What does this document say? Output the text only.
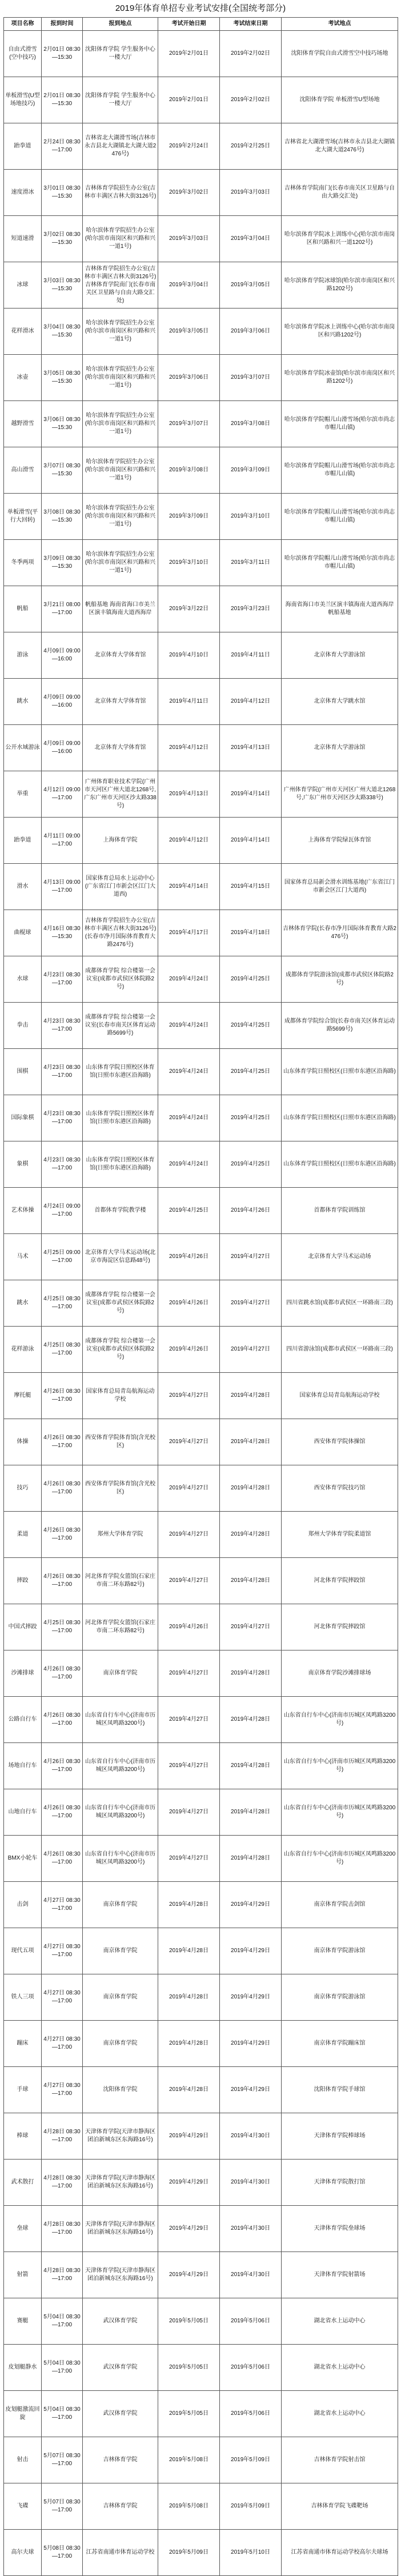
2019年体育单招专业考试安排(全国统考部分)
项目名称	报到时间	报到地点	考试开始日期	考试结束日期	考试地点
自由式滑雪(空中技巧)	2月01日 08:30—15:30	沈阳体育学院 学生服务中心一楼大厅	2019年2月01日	2019年2月02日	沈阳体育学院自由式滑雪空中技巧场地
单板滑雪(U型场地技巧)	2月01日 08:30—15:30	沈阳体育学院 学生服务中心一楼大厅	2019年2月01日	2019年2月02日	沈阳体育学院 单板滑雪U型场地
跆拳道	2月24日 08:30—17:00	吉林省北大湖滑雪场(吉林市永吉县北大湖镇北大湖大道2476号)	2019年2月24日	2019年2月25日	吉林省北大湖滑雪场(吉林市永吉县北大湖镇北大湖大道2476号)
速度滑冰	3月01日 08:30—15:30	吉林体育学院招生办公室(吉林市丰满区吉林大街3126号)	2019年3月02日	2019年3月03日	吉林体育学院南门(长春市南关区卫星路与自由大路交汇处)
短道速滑	3月02日 08:30—15:30	哈尔滨体育学院招生办公室(哈尔滨市南岗区和兴路和兴一道1号)	2019年3月03日	2019年3月04日	哈尔滨体育学院冰上训练中心(哈尔滨市南岗区和兴路和兴一道1202号)
冰球	3月03日 08:30—15:30	吉林体育学院招生办公室(吉林市丰满区吉林大街3126号) 吉林体育学院南门(长春市南关区卫星路与自由大路交汇处)	2019年3月04日	2019年3月05日	哈尔滨体育学院冰球馆(哈尔滨市南岗区和兴路1202号)
花样滑冰	3月04日 08:30—15:30	哈尔滨体育学院招生办公室(哈尔滨市南岗区和兴路和兴一道1号)	2019年3月05日	2019年3月06日	哈尔滨体育学院冰上训练中心(哈尔滨市南岗区和兴路1202号)
冰壶	3月05日 08:30—15:30	哈尔滨体育学院招生办公室(哈尔滨市南岗区和兴路和兴一道1号)	2019年3月06日	2019年3月07日	哈尔滨体育学院冰壶馆(哈尔滨市南岗区和兴路1202号)
越野滑雪	3月06日 08:30—15:30	哈尔滨体育学院招生办公室(哈尔滨市南岗区和兴路和兴一道1号)	2019年3月07日	2019年3月08日	哈尔滨体育学院帽儿山滑雪场(哈尔滨市尚志市帽儿山镇)
高山滑雪	3月07日 08:30—15:30	哈尔滨体育学院招生办公室(哈尔滨市南岗区和兴路和兴一道1号)	2019年3月08日	2019年3月09日	哈尔滨体育学院帽儿山滑雪场(哈尔滨市尚志市帽儿山镇)
单板滑雪(平行大回转)	3月08日 08:30—15:30	哈尔滨体育学院招生办公室(哈尔滨市南岗区和兴路和兴一道1号)	2019年3月09日	2019年3月10日	哈尔滨体育学院帽儿山滑雪场(哈尔滨市尚志市帽儿山镇)
冬季两项	3月09日 08:30—15:30	哈尔滨体育学院招生办公室(哈尔滨市南岗区和兴路和兴一道1号)	2019年3月10日	2019年3月11日	哈尔滨体育学院帽儿山滑雪场(哈尔滨市尚志市帽儿山镇)
帆船	3月21日 08:00—17:00	帆船基地 海南省海口市美兰区演丰镇海南大道西海岸	2019年3月22日	2019年3月23日	海南省海口市美兰区演丰镇海南大道西海岸帆船基地
游泳	4月09日 09:00—16:00	北京体育大学体育馆	2019年4月10日	2019年4月11日	北京体育大学游泳馆
跳水	4月09日 09:00—16:00	北京体育大学体育馆	2019年4月11日	2019年4月12日	北京体育大学跳水馆
公开水域游泳	4月09日 09:00—16:00	北京体育大学体育馆	2019年4月12日	2019年4月13日	北京体育大学游泳馆
举重	4月12日 09:00—17:00	广州体育职业技术学院(广州市天河区广州大道北1268号,广东广州市天河区沙太路338号)	2019年4月13日	2019年4月14日	广州体育学院(广州市天河区广州大道北1268号,广东广州市天河区沙太路338号)
跆拳道	4月11日 09:00—17:00	上海体育学院	2019年4月12日	2019年4月14日	上海体育学院绿瓦体育馆
滑水	4月13日 09:00—17:00	国家体育总局水上运动中心(广东省江门市新会区江门大道西)	2019年4月14日	2019年4月15日	国家体育总局新会滑水训练基地(广东省江门市新会区江门大道西)
曲棍球	4月16日 08:30—15:30	吉林体育学院招生办公室(吉林市丰满区吉林大街3126号)(长春市净月国际体育教育大路2476号)	2019年4月17日	2019年4月18日	吉林体育学院(长春市净月国际体育教育大路2476号)
水球	4月23日 08:30—17:00	成都体育学院 综合楼第一会议室(成都市武侯区体院路2号)	2019年4月24日	2019年4月25日	成都体育学院游泳馆(成都市武侯区体院路2号)
拳击	4月23日 08:30—17:00	成都体育学院 综合楼第一会议室(长春市南关区体育运动路5699号)	2019年4月24日	2019年4月25日	成都体育学院综合馆(长春市南关区体育运动路5699号)
围棋	4月23日 08:30—17:00	山东体育学院日照校区体育馆(日照市东港区沿海路)	2019年4月24日	2019年4月25日	山东体育学院日照校区(日照市东港区沿海路)
国际象棋	4月23日 08:30—17:00	山东体育学院日照校区体育馆(日照市东港区沿海路)	2019年4月24日	2019年4月25日	山东体育学院日照校区(日照市东港区沿海路)
象棋	4月23日 08:30—17:00	山东体育学院日照校区体育馆(日照市东港区沿海路)	2019年4月24日	2019年4月25日	山东体育学院日照校区(日照市东港区沿海路)
艺术体操	4月24日 09:00—17:00	首都体育学院教学楼	2019年4月25日	2019年4月26日	首都体育学院训练馆
马术	4月25日 09:00—17:00	北京体育大学马术运动场(北京市海淀区信息路48号)	2019年4月26日	2019年4月27日	北京体育大学马术运动场
跳水	4月25日 08:30—17:00	成都体育学院 综合楼第一会议室(成都市武侯区体院路2号)	2019年4月26日	2019年4月27日	四川省跳水馆(成都市武侯区一环路南三段)
花样游泳	4月25日 08:30—17:00	成都体育学院 综合楼第一会议室(成都市武侯区体院路2号)	2019年4月26日	2019年4月27日	四川省游泳馆(成都市武侯区一环路南三段)
摩托艇	4月26日 08:30—17:00	国家体育总局青岛航海运动学校	2019年4月27日	2019年4月28日	国家体育总局青岛航海运动学校
体操	4月26日 08:30—17:00	西安体育学院体育馆(含光校区)	2019年4月27日	2019年4月28日	西安体育学院体操馆
技巧	4月26日 08:30—17:00	西安体育学院体育馆(含光校区)	2019年4月27日	2019年4月28日	西安体育学院技巧馆
柔道	4月26日 08:30—17:00	郑州大学体育学院	2019年4月27日	2019年4月28日	郑州大学体育学院柔道馆
摔跤	4月26日 08:30—17:00	河北体育学院女篮馆(石家庄市南二环东路82号)	2019年4月27日	2019年4月28日	河北体育学院摔跤馆
中国式摔跤	4月25日 08:30—17:00	河北体育学院女篮馆(石家庄市南二环东路82号)	2019年4月26日	2019年4月27日	河北体育学院摔跤馆
沙滩排球	4月26日 08:30—17:00	南京体育学院	2019年4月27日	2019年4月28日	南京体育学院沙滩排球场
公路自行车	4月26日 08:30—17:00	山东省自行车中心(济南市历城区凤鸣路3200号)	2019年4月27日	2019年4月28日	山东省自行车中心(济南市历城区凤鸣路3200号)
场地自行车	4月26日 08:30—17:00	山东省自行车中心(济南市历城区凤鸣路3200号)	2019年4月27日	2019年4月28日	山东省自行车中心(济南市历城区凤鸣路3200号)
山地自行车	4月26日 08:30—17:00	山东省自行车中心(济南市历城区凤鸣路3200号)	2019年4月27日	2019年4月28日	山东省自行车中心(济南市历城区凤鸣路3200号)
BMX小轮车	4月26日 08:30—17:00	山东省自行车中心(济南市历城区凤鸣路3200号)	2019年4月27日	2019年4月28日	山东省自行车中心(济南市历城区凤鸣路3200号)
击剑	4月27日 08:30—17:00	南京体育学院	2019年4月28日	2019年4月29日	南京体育学院击剑馆
现代五项	4月27日 08:30—17:00	南京体育学院	2019年4月28日	2019年4月29日	南京体育学院游泳馆
铁人三项	4月27日 08:30—17:00	南京体育学院	2019年4月28日	2019年4月29日	南京体育学院游泳馆
蹦床	4月27日 08:30—17:00	南京体育学院	2019年4月28日	2019年4月29日	南京体育学院蹦床馆
手球	4月27日 08:30—17:00	沈阳体育学院	2019年4月28日	2019年4月29日	沈阳体育学院手球馆
棒球	4月28日 08:30—17:00	天津体育学院(天津市静海区团泊新城东区东海路16号)	2019年4月29日	2019年4月30日	天津体育学院棒球场
武术散打	4月28日 08:30—17:00	天津体育学院(天津市静海区团泊新城东区东海路16号)	2019年4月29日	2019年4月30日	天津体育学院散打馆
垒球	4月28日 08:30—17:00	天津体育学院(天津市静海区团泊新城东区东海路16号)	2019年4月29日	2019年4月30日	天津体育学院垒球场
射箭	4月28日 08:30—17:00	天津体育学院(天津市静海区团泊新城东区东海路16号)	2019年4月29日	2019年4月30日	天津体育学院射箭场
赛艇	5月04日 08:30—17:00	武汉体育学院	2019年5月05日	2019年5月06日	湖北省水上运动中心
皮划艇静水	5月04日 08:30—17:00	武汉体育学院	2019年5月05日	2019年5月06日	湖北省水上运动中心
皮划艇激流回旋	5月04日 08:30—17:00	武汉体育学院	2019年5月05日	2019年5月06日	湖北省水上运动中心
射击	5月07日 08:30—17:00	吉林体育学院	2019年5月08日	2019年5月09日	吉林体育学院射击馆
飞碟	5月07日 08:30—17:00	吉林体育学院	2019年5月08日	2019年5月09日	吉林体育学院飞碟靶场
高尔夫球	5月08日 08:30—17:00	江苏省南通市体育运动学校	2019年5月09日	2019年5月10日	江苏省南通市体育运动学校高尔夫球场
